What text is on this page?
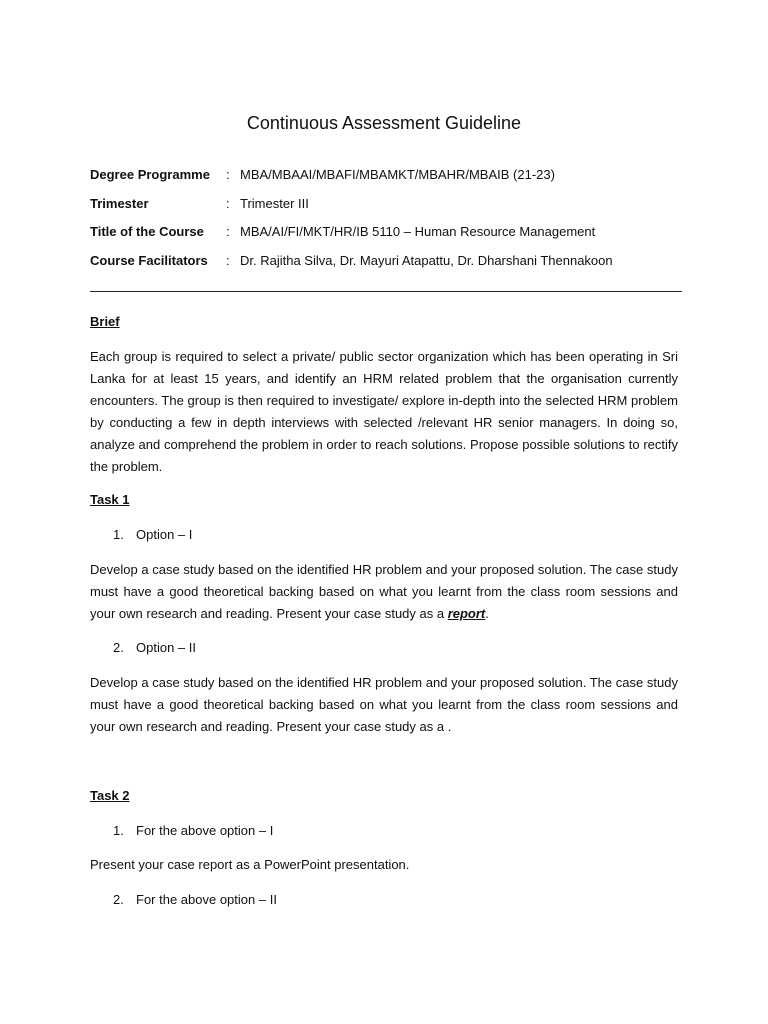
Continuous Assessment Guideline
Degree Programme : MBA/MBAAI/MBAFI/MBAMKT/MBAHR/MBAIB (21-23)
Trimester	: Trimester III
Title of the Course : MBA/AI/FI/MKT/HR/IB 5110 – Human Resource Management
Course Facilitators : Dr. Rajitha Silva, Dr. Mayuri Atapattu, Dr. Dharshani Thennakoon
Brief

Each group is required to select a private/ public sector organization which has been operating in Sri Lanka for at least 15 years, and identify an HRM related problem that the organisation currently encounters. The group is then required to investigate/ explore in-depth into the selected HRM problem by conducting a few in depth interviews with selected /relevant HR senior managers. In doing so, analyze and comprehend the problem in order to reach solutions. Propose possible solutions to rectify the problem.

Task 1
1. Option – I

Develop a case study based on the identified HR problem and your proposed solution. The case study must have a good theoretical backing based on what you learnt from the class room sessions and your own research and reading. Present your case study as a report.

2. Option – II

Develop a case study based on the identified HR problem and your proposed solution. The case study must have a good theoretical backing based on what you learnt from the class room sessions and your own research and reading. Present your case study as a .

Task 2
1. For the above option – I

Present your case report as a PowerPoint presentation.

2. For the above option – II
